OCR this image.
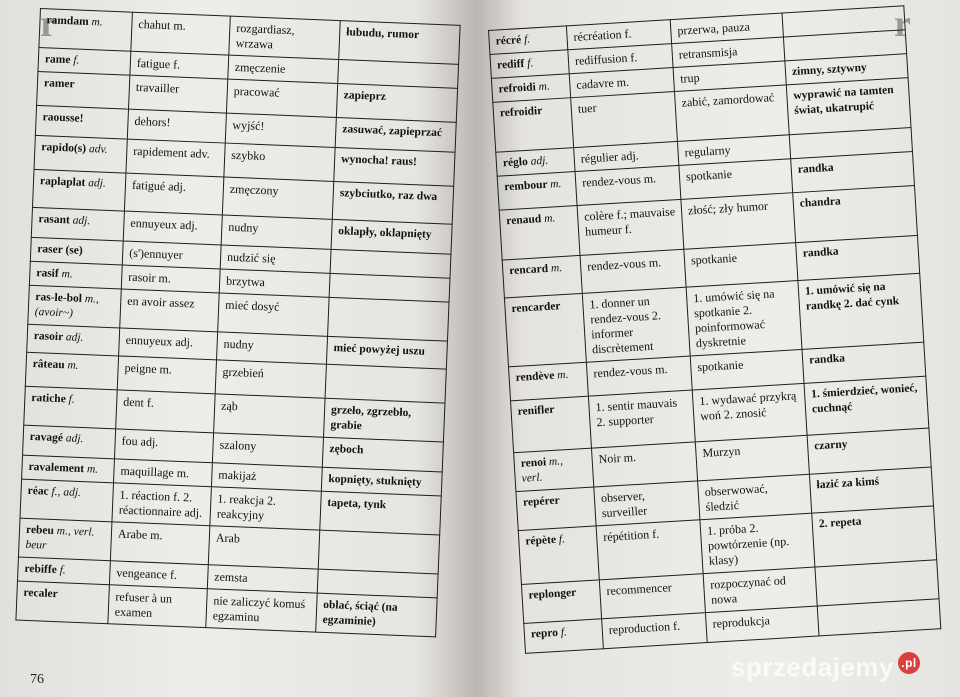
r
ramdam m.	chahut m.	rozgardiasz, wrzawa	łubudu, rumor
rame f.	fatigue f.	zmęczenie	
ramer	travailler	pracować	zapieprz
raousse!	dehors!	wyjść!	zasuwać, zapieprzać
rapido(s) adv.	rapidement adv.	szybko	wynocha! raus!
raplaplat adj.	fatigué adj.	zmęczony	szybciutko, raz dwa
rasant adj.	ennuyeux adj.	nudny	oklapły, oklapnięty
raser (se)	(s')ennuyer	nudzić się	
rasif m.	rasoir m.	brzytwa	
ras-le-bol m., (avoir~)	en avoir assez	mieć dosyć	
rasoir adj.	ennuyeux adj.	nudny	mieć powyżej uszu
râteau m.	peigne m.	grzebień	
ratiche f.	dent f.	ząb	grzeło, zgrzebło, grabie
ravagé adj.	fou adj.	szalony	zęboch
ravalement m.	maquillage m.	makijaż	kopnięty, stuknięty
réac f., adj.	1. réaction f. 2. réactionnaire adj.	1. reakcja 2. reakcyjny	tapeta, tynk
rebeu m., verl. beur	Arabe m.	Arab	
rebiffe f.	vengeance f.	zemsta	
recaler	refuser à un examen	nie zaliczyć komuś egzaminu	oblać, ściąć (na egzaminie)
76
r
récré f.	récréation f.	przerwa, pauza	
rediff f.	rediffusion f.	retransmisja	
refroidi m.	cadavre m.	trup	zimny, sztywny
refroidir	tuer	zabić, zamordować	wyprawić na tamten świat, ukatrupić
réglo adj.	régulier adj.	regularny	
rembour m.	rendez-vous m.	spotkanie	randka
renaud m.	colère f.; mauvaise humeur f.	złość; zły humor	chandra
rencard m.	rendez-vous m.	spotkanie	randka
rencarder	1. donner un rendez-vous 2. informer discrètement	1. umówić się na spotkanie 2. poinformować dyskretnie	1. umówić się na randkę 2. dać cynk
rendève m.	rendez-vous m.	spotkanie	randka
renifler	1. sentir mauvais 2. supporter	1. wydawać przykrą woń 2. znosić	1. śmierdzieć, wonieć, cuchnąć
renoi m., verl.	Noir m.	Murzyn	czarny
repérer	observer, surveiller	obserwować, śledzić	łazić za kimś
répète f.	répétition f.	1. próba 2. powtórzenie (np. klasy)	2. repeta
replonger	recommencer	rozpoczynać od nowa	
repro f.	reproduction f.	reprodukcja	
sprzedajemy .pl
